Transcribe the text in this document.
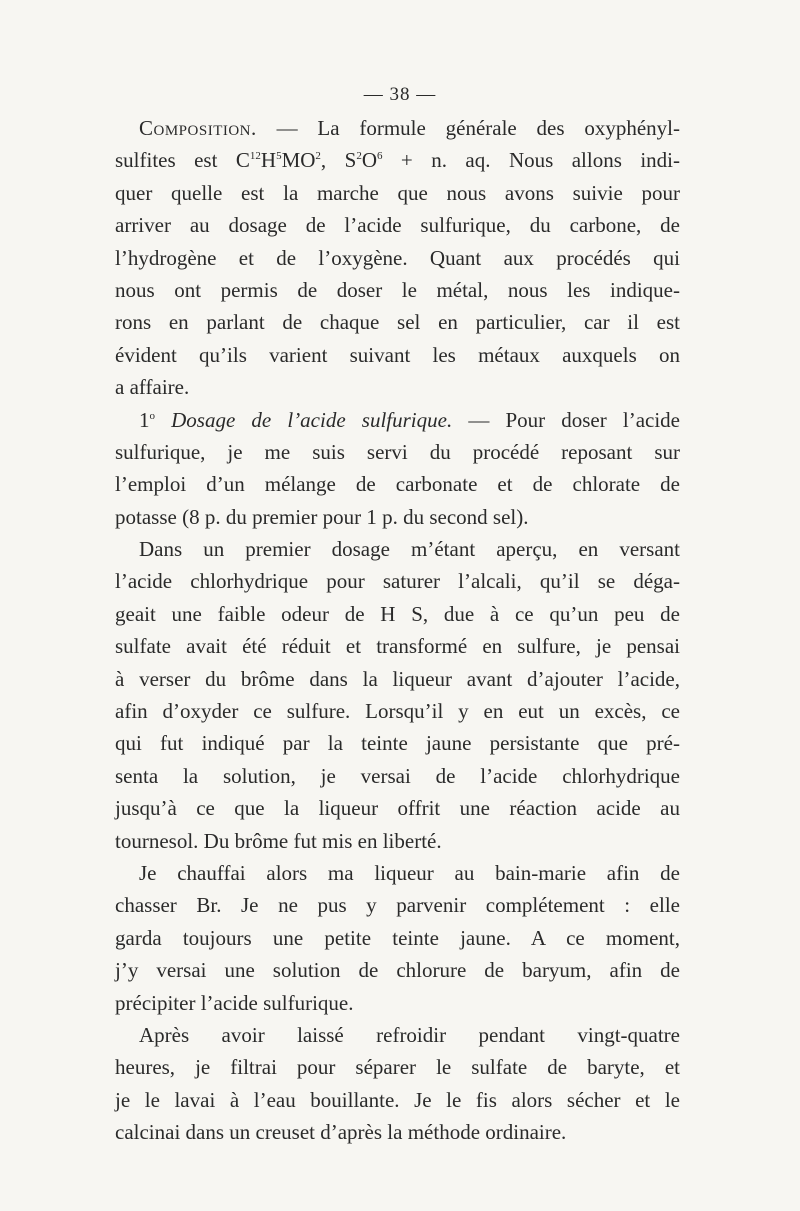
— 38 —
Composition. — La formule générale des oxyphényl-
sulfites est $C^{12}H^5MO^2$, $S^2O^6 + n$. aq. Nous allons indi-
quer quelle est la marche que nous avons suivie pour
arriver au dosage de l’acide sulfurique, du carbone, de
l’hydrogène et de l’oxygène. Quant aux procédés qui
nous ont permis de doser le métal, nous les indique-
rons en parlant de chaque sel en particulier, car il est
évident qu’ils varient suivant les métaux auxquels on
a affaire.
1$^o$ Dosage de l’acide sulfurique. — Pour doser l’acide
sulfurique, je me suis servi du procédé reposant sur
l’emploi d’un mélange de carbonate et de chlorate de
potasse (8 p. du premier pour 1 p. du second sel).
Dans un premier dosage m’étant aperçu, en versant
l’acide chlorhydrique pour saturer l’alcali, qu’il se déga-
geait une faible odeur de H S, due à ce qu’un peu de
sulfate avait été réduit et transformé en sulfure, je pensai
à verser du brôme dans la liqueur avant d’ajouter l’acide,
afin d’oxyder ce sulfure. Lorsqu’il y en eut un excès, ce
qui fut indiqué par la teinte jaune persistante que pré-
senta la solution, je versai de l’acide chlorhydrique
jusqu’à ce que la liqueur offrit une réaction acide au
tournesol. Du brôme fut mis en liberté.
Je chauffai alors ma liqueur au bain-marie afin de
chasser Br. Je ne pus y parvenir complétement : elle
garda toujours une petite teinte jaune. A ce moment,
j’y versai une solution de chlorure de baryum, afin de
précipiter l’acide sulfurique.
Après avoir laissé refroidir pendant vingt-quatre
heures, je filtrai pour séparer le sulfate de baryte, et
je le lavai à l’eau bouillante. Je le fis alors sécher et le
calcinai dans un creuset d’après la méthode ordinaire.
